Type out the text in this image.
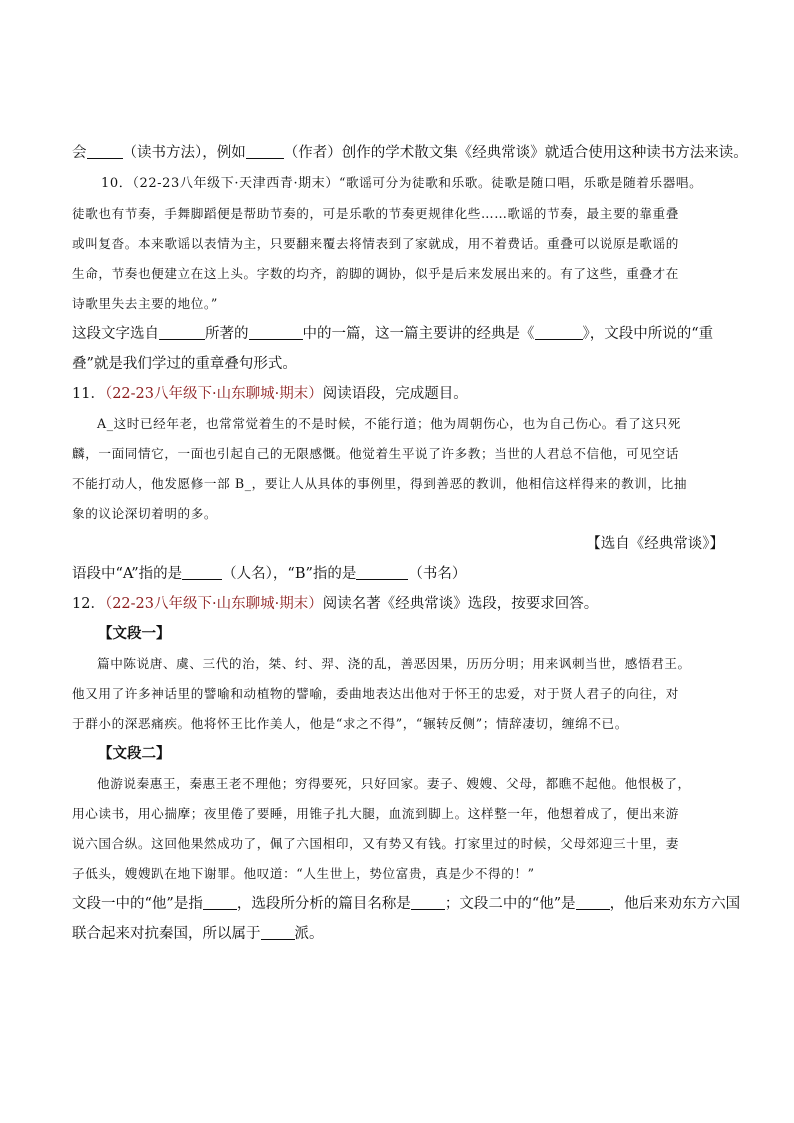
会 （读书方法），例如	（作者）创作的学术散文集《经典常谈》就适合使用这种读书方法来读。
10．（22-23八年级下·天津西青·期末）“歌谣可分为徒歌和乐歌。徒歌是随口唱，乐歌是随着乐器唱。
徒歌也有节奏，手舞脚蹈便是帮助节奏的，可是乐歌的节奏更规律化些……歌谣的节奏，最主要的靠重叠
或叫复沓。本来歌谣以表情为主，只要翻来覆去将情表到了家就成，用不着费话。重叠可以说原是歌谣的
生命，节奏也便建立在这上头。字数的均齐，韵脚的调协，似乎是后来发展出来的。有了这些，重叠才在
诗歌里失去主要的地位。”
这段文字选自	所著的	中的一篇，这一篇主要讲的经典是《	》，文段中所说的“重
叠”就是我们学过的重章叠句形式。
11．（22-23八年级下·山东聊城·期末）阅读语段，完成题目。
A_这时已经年老，也常常觉着生的不是时候，不能行道；他为周朝伤心，也为自己伤心。看了这只死
麟，一面同情它，一面也引起自己的无限感慨。他觉着生平说了许多教；当世的人君总不信他，可见空话
不能打动人，他发愿修一部 B_，要让人从具体的事例里，得到善恶的教训，他相信这样得来的教训，比抽
象的议论深切着明的多。
【选自《经典常谈》】
语段中“A”指的是	（人名），“B”指的是	（书名）
12．（22-23八年级下·山东聊城·期末）阅读名著《经典常谈》选段，按要求回答。
【文段一】
篇中陈说唐、虞、三代的治，桀、纣、羿、浇的乱，善恶因果，历历分明；用来讽刺当世，感悟君王。
他又用了许多神话里的譬喻和动植物的譬喻，委曲地表达出他对于怀王的忠爱，对于贤人君子的向往，对
于群小的深恶痛疾。他将怀王比作美人，他是“求之不得”，“辗转反侧”；情辞凄切，缠绵不已。
【文段二】
他游说秦惠王，秦惠王老不理他；穷得要死，只好回家。妻子、嫂嫂、父母，都瞧不起他。他恨极了，
用心读书，用心揣摩；夜里倦了要睡，用锥子扎大腿，血流到脚上。这样整一年，他想着成了，便出来游
说六国合纵。这回他果然成功了，佩了六国相印，又有势又有钱。打家里过的时候，父母郊迎三十里，妻
子低头，嫂嫂趴在地下谢罪。他叹道：“人生世上，势位富贵，真是少不得的！”
文段一中的“他”是指 ，选段所分析的篇目名称是 ；文段二中的“他”是 ，他后来劝东方六国
联合起来对抗秦国，所以属于 派。
